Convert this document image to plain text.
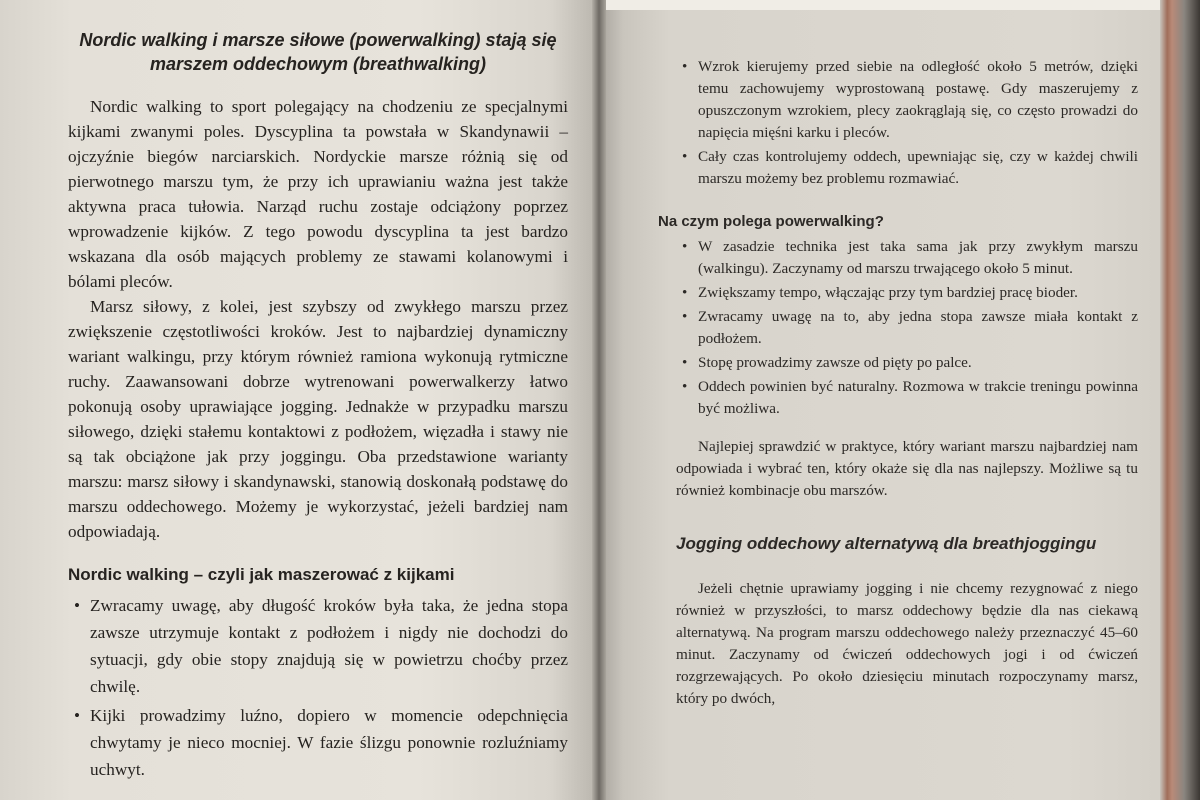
Nordic walking i marsze siłowe (powerwalking) stają się marszem oddechowym (breathwalking)

Nordic walking to sport polegający na chodzeniu ze specjalnymi kijkami zwanymi poles. Dyscyplina ta powstała w Skandynawii – ojczyźnie biegów narciarskich. Nordyckie marsze różnią się od pierwotnego marszu tym, że przy ich uprawianiu ważna jest także aktywna praca tułowia. Narząd ruchu zostaje odciążony poprzez wprowadzenie kijków. Z tego powodu dyscyplina ta jest bardzo wskazana dla osób mających problemy ze stawami kolanowymi i bólami pleców.

Marsz siłowy, z kolei, jest szybszy od zwykłego marszu przez zwiększenie częstotliwości kroków. Jest to najbardziej dynamiczny wariant walkingu, przy którym również ramiona wykonują rytmiczne ruchy. Zaawansowani dobrze wytrenowani powerwalkerzy łatwo pokonują osoby uprawiające jogging. Jednakże w przypadku marszu siłowego, dzięki stałemu kontaktowi z podłożem, więzadła i stawy nie są tak obciążone jak przy joggingu. Oba przedstawione warianty marszu: marsz siłowy i skandynawski, stanowią doskonałą podstawę do marszu oddechowego. Możemy je wykorzystać, jeżeli bardziej nam odpowiadają.

Nordic walking – czyli jak maszerować z kijkami
• Zwracamy uwagę, aby długość kroków była taka, że jedna stopa zawsze utrzymuje kontakt z podłożem i nigdy nie dochodzi do sytuacji, gdy obie stopy znajdują się w powietrzu choćby przez chwilę.
• Kijki prowadzimy luźno, dopiero w momencie odepchnięcia chwytamy je nieco mocniej. W fazie ślizgu ponownie rozluźniamy uchwyt.
• Wzrok kierujemy przed siebie na odległość około 5 metrów, dzięki temu zachowujemy wyprostowaną postawę. Gdy maszerujemy z opuszczonym wzrokiem, plecy zaokrąglają się, co często prowadzi do napięcia mięśni karku i pleców.
• Cały czas kontrolujemy oddech, upewniając się, czy w każdej chwili marszu możemy bez problemu rozmawiać.
Na czym polega powerwalking?
• W zasadzie technika jest taka sama jak przy zwykłym marszu (walkingu). Zaczynamy od marszu trwającego około 5 minut.
• Zwiększamy tempo, włączając przy tym bardziej pracę bioder.
• Zwracamy uwagę na to, aby jedna stopa zawsze miała kontakt z podłożem.
• Stopę prowadzimy zawsze od pięty po palce.
• Oddech powinien być naturalny. Rozmowa w trakcie treningu powinna być możliwa.

Najlepiej sprawdzić w praktyce, który wariant marszu najbardziej nam odpowiada i wybrać ten, który okaże się dla nas najlepszy. Możliwe są tu również kombinacje obu marszów.

Jogging oddechowy alternatywą dla breathjoggingu

Jeżeli chętnie uprawiamy jogging i nie chcemy rezygnować z niego również w przyszłości, to marsz oddechowy będzie dla nas ciekawą alternatywą. Na program marszu oddechowego należy przeznaczyć 45–60 minut. Zaczynamy od ćwiczeń oddechowych jogi i od ćwiczeń rozgrzewających. Po około dziesięciu minutach rozpoczynamy marsz, który po dwóch,
